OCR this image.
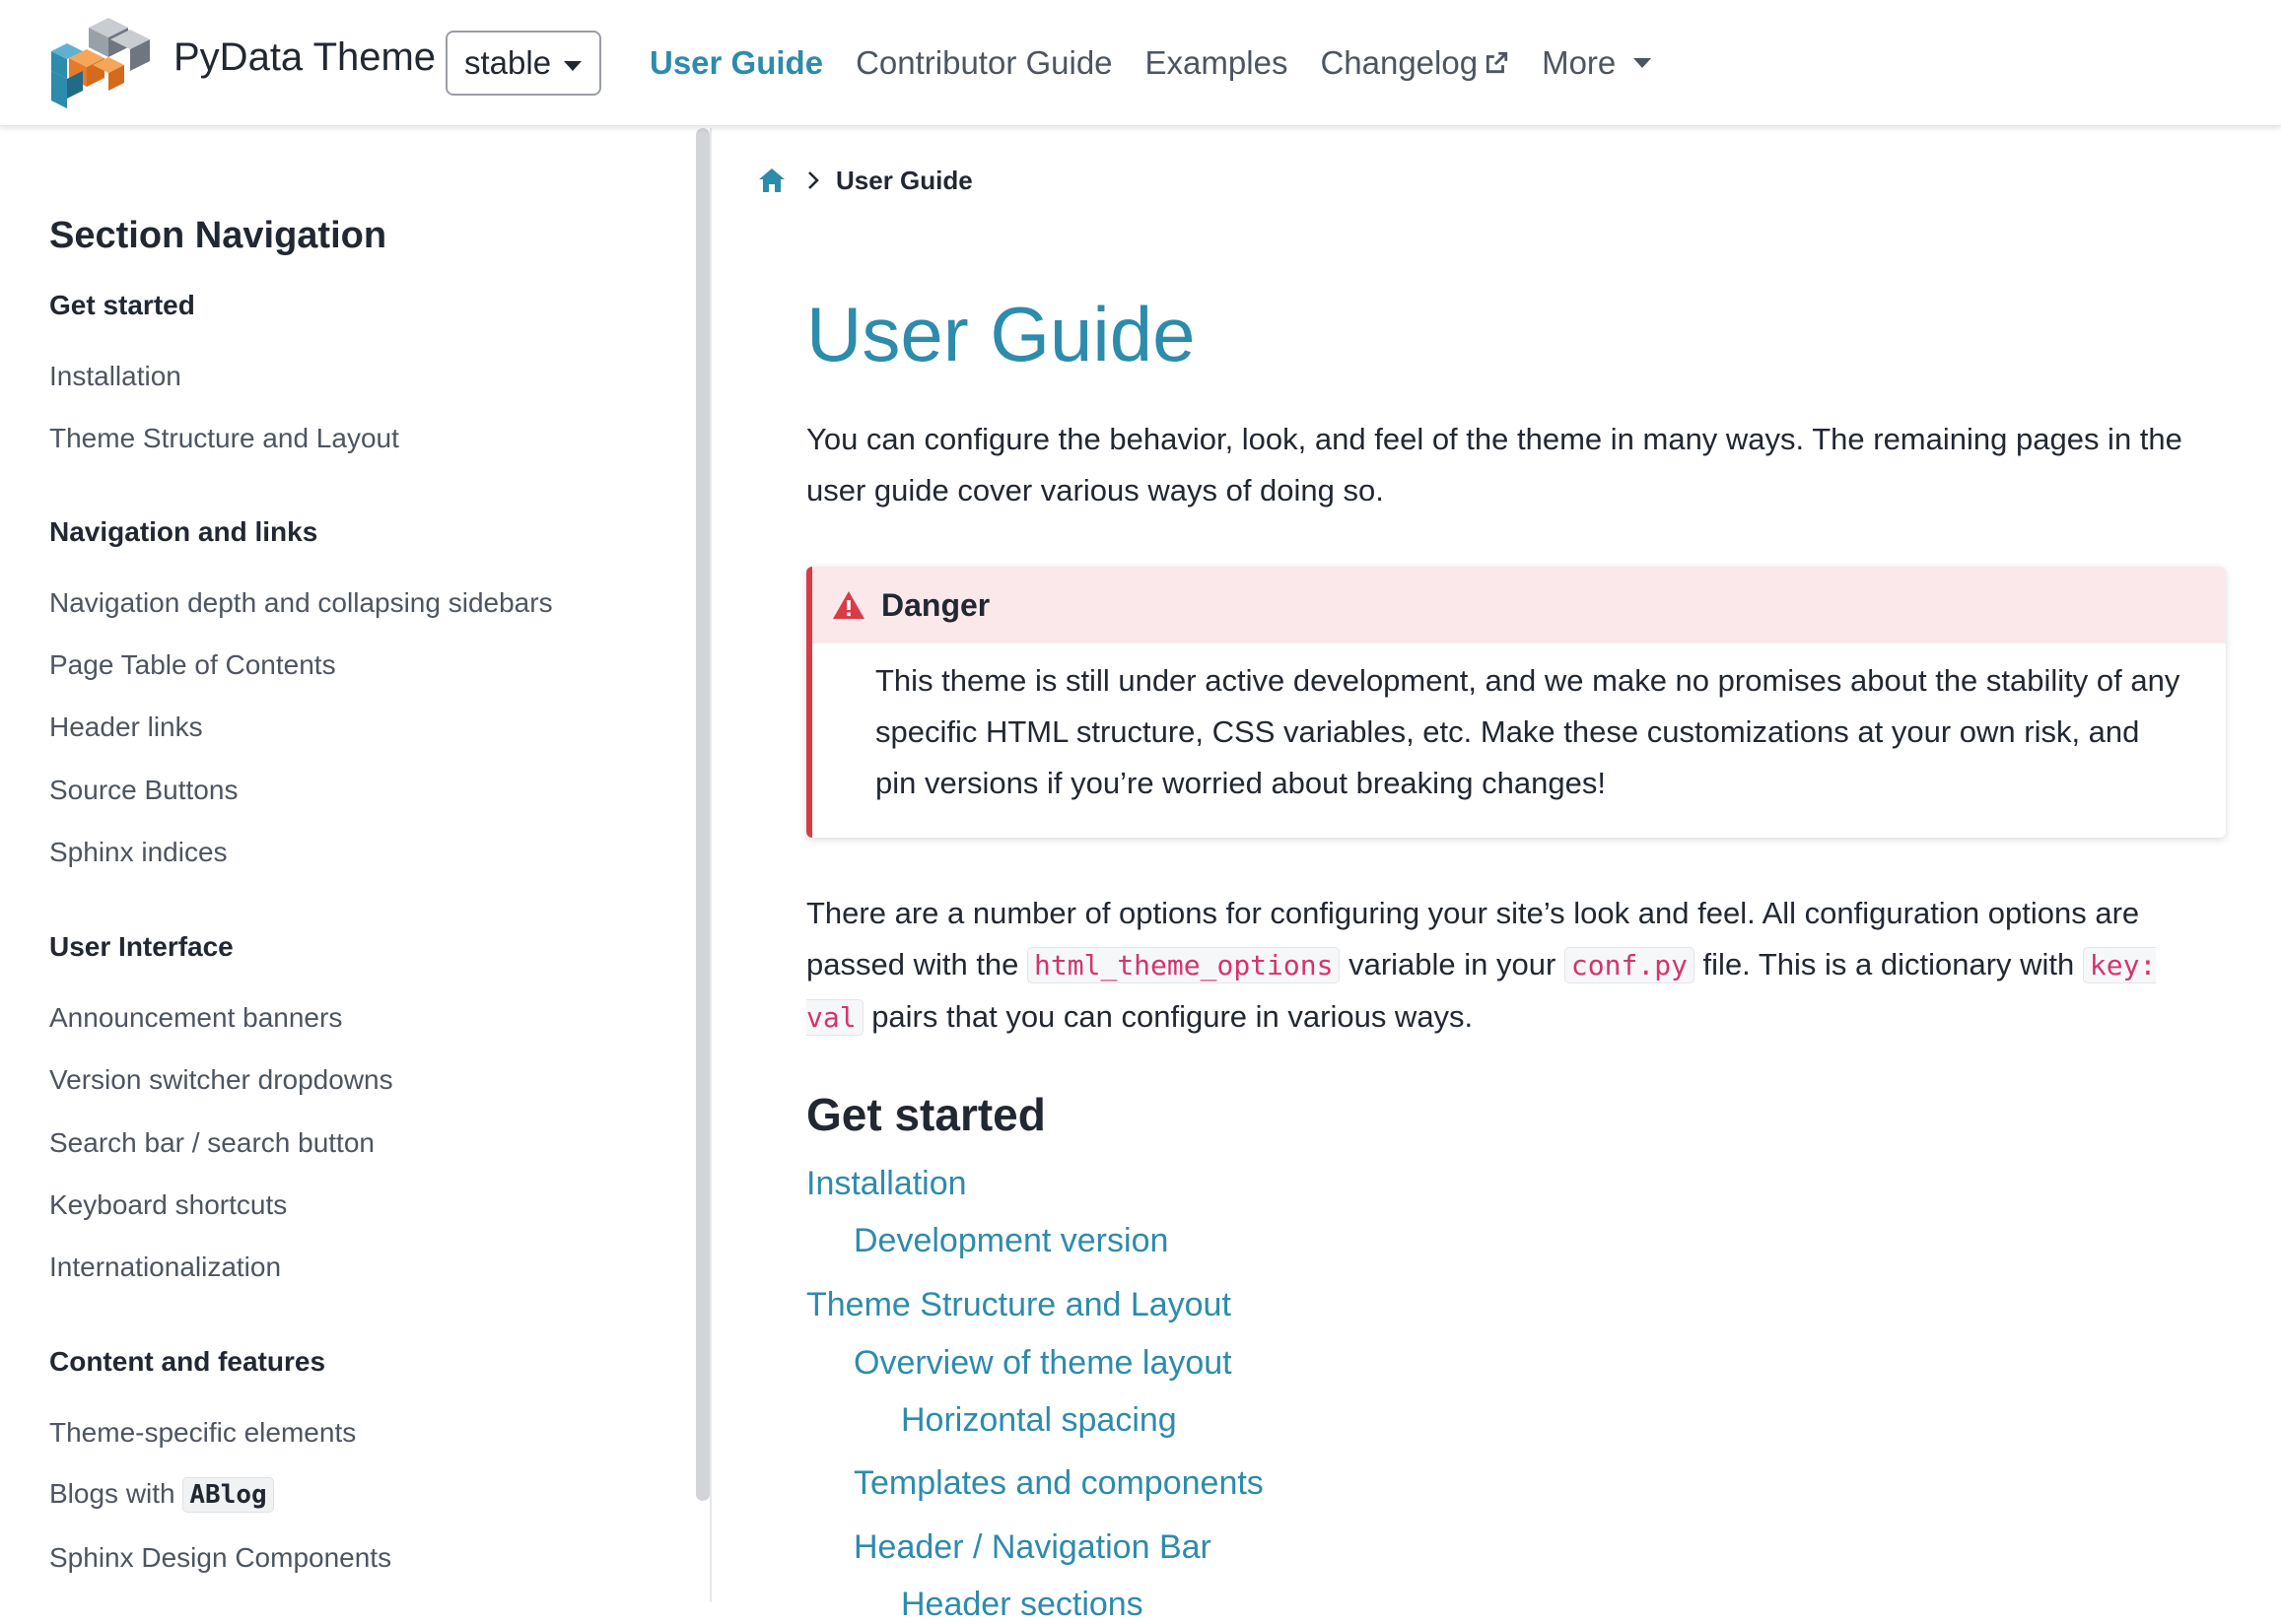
PyData Theme stable	User Guide Contributor Guide Examples Changelog More
Section Navigation
Get started
Installation
Theme Structure and Layout
Navigation and links
Navigation depth and collapsing sidebars
Page Table of Contents
Header links
Source Buttons
Sphinx indices
User Interface
Announcement banners
Version switcher dropdowns
Search bar / search button
Keyboard shortcuts
Internationalization
Content and features
Theme-specific elements
Blogs with ABlog
Sphinx Design Components
User Guide
User Guide

You can configure the behavior, look, and feel of the theme in many ways. The remaining pages in the user guide cover various ways of doing so.

Danger

This theme is still under active development, and we make no promises about the stability of any specific HTML structure, CSS variables, etc. Make these customizations at your own risk, and pin versions if you’re worried about breaking changes!

There are a number of options for configuring your site’s look and feel. All configuration options are passed with the html_theme_options variable in your conf.py file. This is a dictionary with key: val pairs that you can configure in various ways.

Get started
Installation
Development version
Theme Structure and Layout
Overview of theme layout
Horizontal spacing
Templates and components
Header / Navigation Bar
Header sections
